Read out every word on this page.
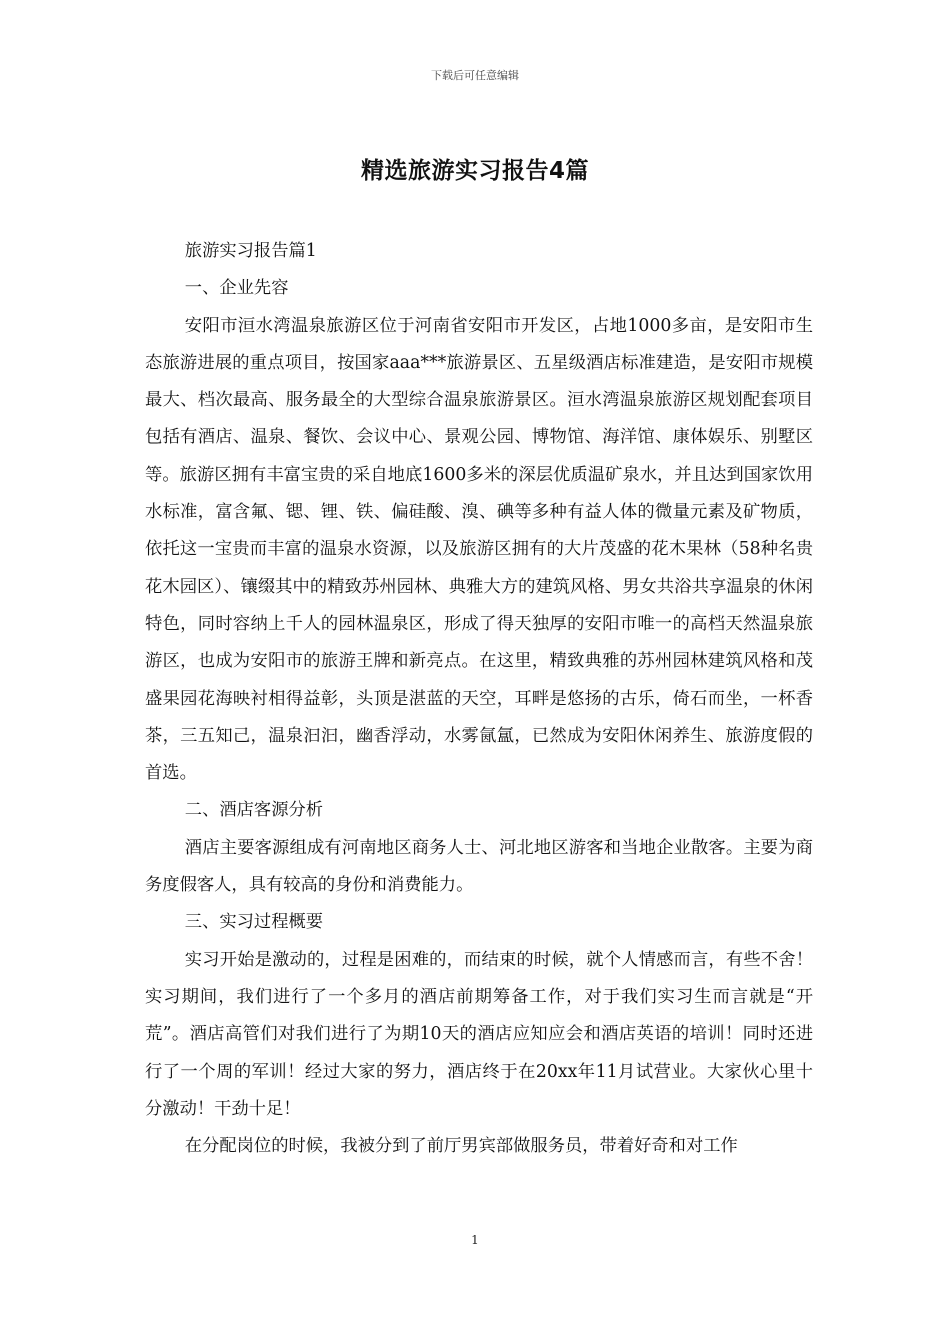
下载后可任意编辑
精选旅游实习报告4篇

旅游实习报告篇1

一、企业先容

安阳市洹水湾温泉旅游区位于河南省安阳市开发区，占地1000多亩，是安阳市生态旅游进展的重点项目，按国家aaa***旅游景区、五星级酒店标准建造，是安阳市规模最大、档次最高、服务最全的大型综合温泉旅游景区。洹水湾温泉旅游区规划配套项目包括有酒店、温泉、餐饮、会议中心、景观公园、博物馆、海洋馆、康体娱乐、别墅区等。旅游区拥有丰富宝贵的采自地底1600多米的深层优质温矿泉水，并且达到国家饮用水标准，富含氟、锶、锂、铁、偏硅酸、溴、碘等多种有益人体的微量元素及矿物质，依托这一宝贵而丰富的温泉水资源，以及旅游区拥有的大片茂盛的花木果林（58种名贵花木园区）、镶缀其中的精致苏州园林、典雅大方的建筑风格、男女共浴共享温泉的休闲特色，同时容纳上千人的园林温泉区，形成了得天独厚的安阳市唯一的高档天然温泉旅游区，也成为安阳市的旅游王牌和新亮点。在这里，精致典雅的苏州园林建筑风格和茂盛果园花海映衬相得益彰，头顶是湛蓝的天空，耳畔是悠扬的古乐，倚石而坐，一杯香茶，三五知己，温泉汩汩，幽香浮动，水雾氤氲，已然成为安阳休闲养生、旅游度假的首选。

二、酒店客源分析

酒店主要客源组成有河南地区商务人士、河北地区游客和当地企业散客。主要为商务度假客人，具有较高的身份和消费能力。

三、实习过程概要

实习开始是激动的，过程是困难的，而结束的时候，就个人情感而言，有些不舍！实习期间，我们进行了一个多月的酒店前期筹备工作，对于我们实习生而言就是“开荒”。酒店高管们对我们进行了为期10天的酒店应知应会和酒店英语的培训！同时还进行了一个周的军训！经过大家的努力，酒店终于在20xx年11月试营业。大家伙心里十分激动！干劲十足！

在分配岗位的时候，我被分到了前厅男宾部做服务员，带着好奇和对工作

1
